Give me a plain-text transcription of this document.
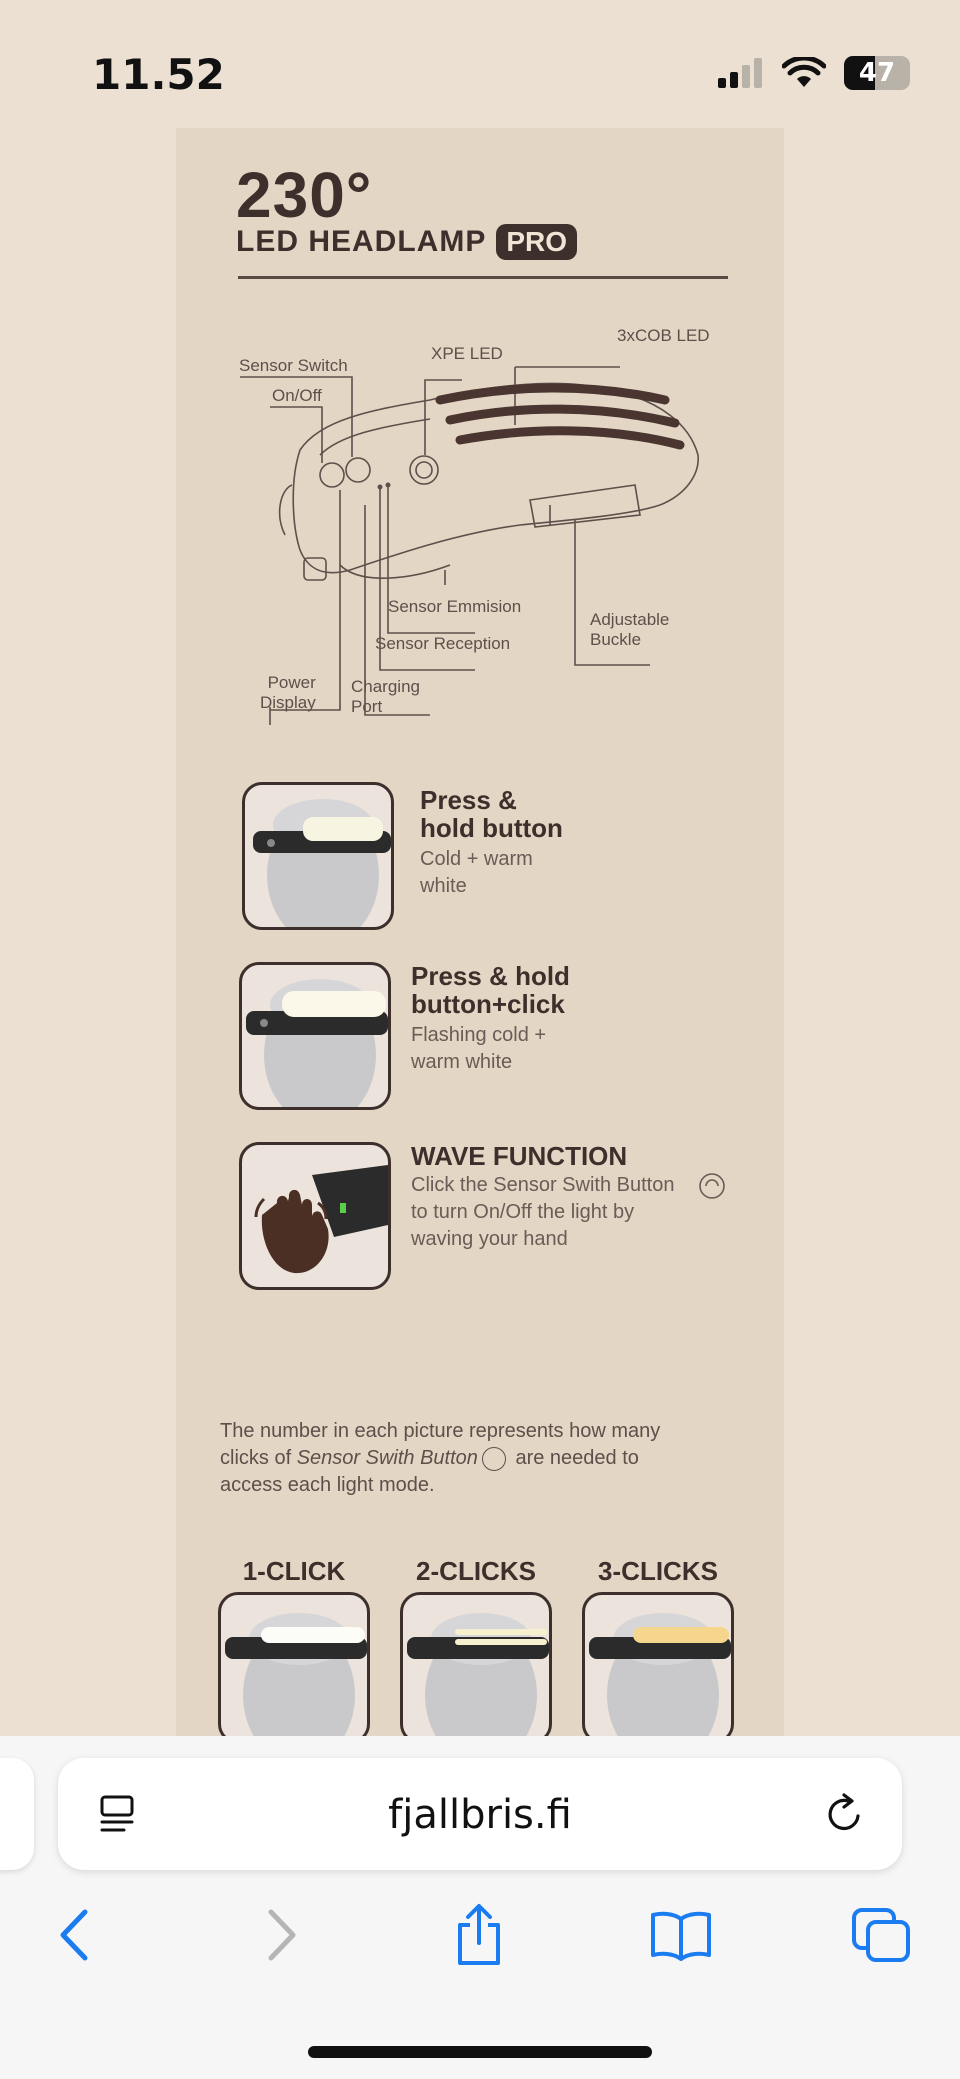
11.52	47
230°
LED HEADLAMP PRO
Sensor Switch
On/Off
XPE LED
3xCOB LED
Sensor Emmision
Sensor Reception
Adjustable
Buckle
Power
Display
Charging
Port
Press &
hold button
Cold + warm
white
Press & hold
button+click
Flashing cold +
warm white
WAVE FUNCTION
Click the Sensor Swith Button
to turn On/Off the light by
waving your hand
The number in each picture represents how many
clicks of Sensor Swith Button are needed to
access each light mode.
1-CLICK	2-CLICKS	3-CLICKS
fjallbris.fi
